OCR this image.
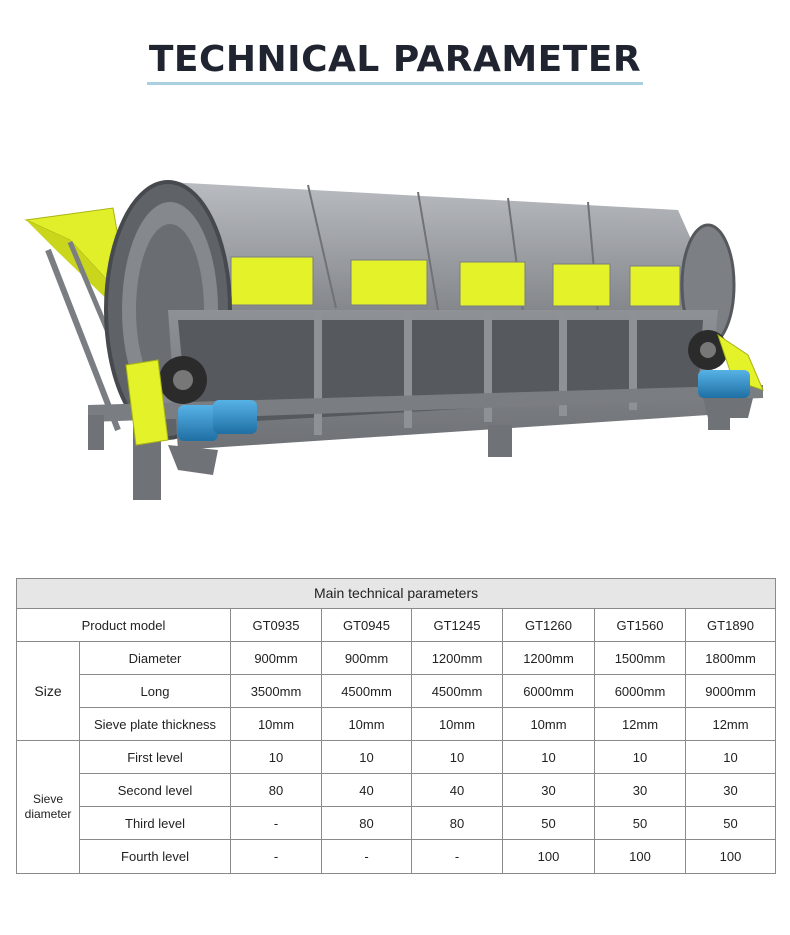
TECHNICAL PARAMETER
Main technical parameters							
Product model		GT0935	GT0945	GT1245	GT1260	GT1560	GT1890
Size	Diameter	900mm	900mm	1200mm	1200mm	1500mm	1800mm
	Long	3500mm	4500mm	4500mm	6000mm	6000mm	9000mm
	Sieve plate thickness	10mm	10mm	10mm	10mm	12mm	12mm
Sieve
diameter	First level	10	10	10	10	10	10
	Second level	80	40	40	30	30	30
	Third level	-	80	80	50	50	50
	Fourth level	-	-	-	100	100	100
